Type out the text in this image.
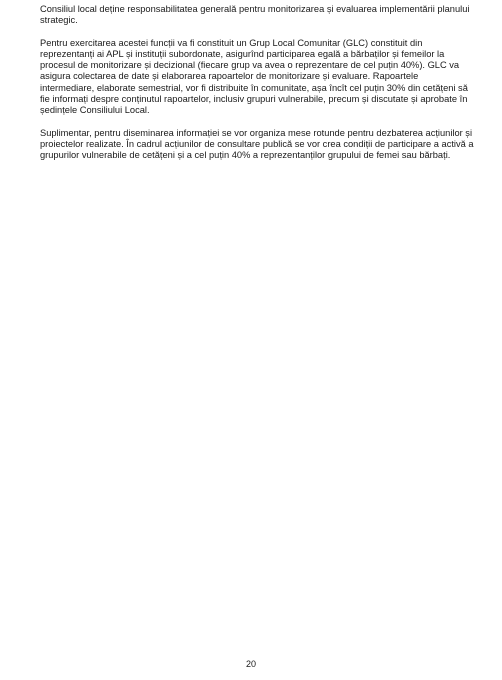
Consiliul local deține responsabilitatea generală pentru monitorizarea și evaluarea implementării planului strategic.

Pentru exercitarea acestei funcții va fi constituit un Grup Local Comunitar (GLC) constituit din reprezentanți ai APL și instituții subordonate, asigurînd participarea egală a bărbaților și femeilor la procesul de monitorizare și decizional (fiecare grup va avea o reprezentare de cel puțin 40%). GLC va asigura colectarea de date și elaborarea rapoartelor de monitorizare și evaluare. Rapoartele intermediare, elaborate semestrial, vor fi distribuite în comunitate, așa încît cel puțin 30% din cetățeni să fie informați despre conținutul rapoartelor, inclusiv grupuri vulnerabile, precum și discutate și aprobate în ședințele Consiliului Local.

Suplimentar, pentru diseminarea informației se vor organiza mese rotunde pentru dezbaterea acțiunilor și proiectelor realizate. În cadrul acțiunilor de consultare publică se vor crea condiții de participare a activă a grupurilor vulnerabile de cetățeni și a cel puțin 40% a reprezentanților grupului de femei sau bărbați.

20
